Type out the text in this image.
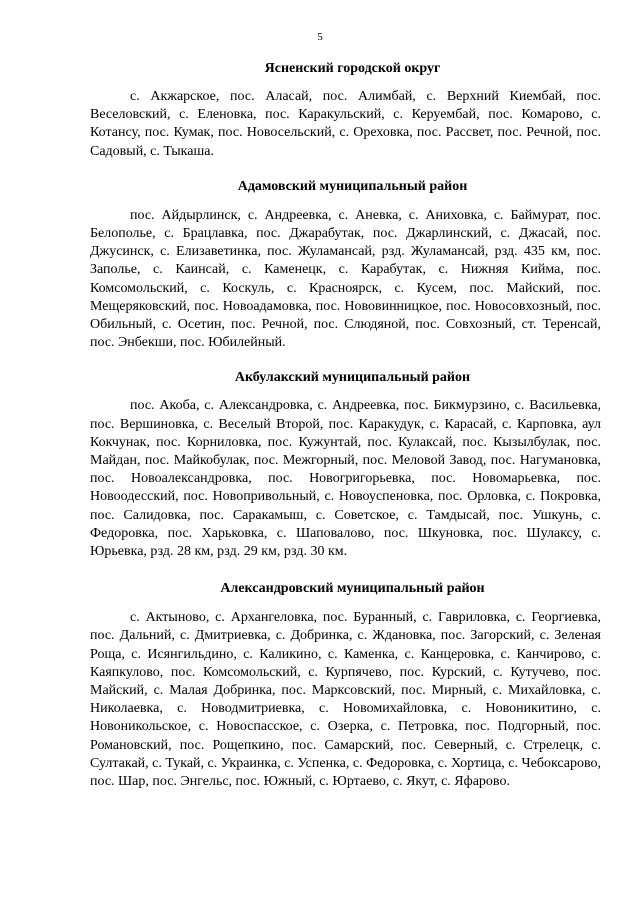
5
Ясненский городской округ

с. Акжарское, пос. Аласай, пос. Алимбай, с. Верхний Киембай, пос. Веселовский, с. Еленовка, пос. Каракульский, с. Керуембай, пос. Комарово, с. Котансу, пос. Кумак, пос. Новосельский, с. Ореховка, пос. Рассвет, пос. Речной, пос. Садовый, с. Тыкаша.

Адамовский муниципальный район

пос. Айдырлинск, с. Андреевка, с. Аневка, с. Аниховка, с. Баймурат, пос. Белополье, с. Брацлавка, пос. Джарабутак, пос. Джарлинский, с. Джасай, пос. Джусинск, с. Елизаветинка, пос. Жуламансай, рзд. Жуламансай, рзд. 435 км, пос. Заполье, с. Каинсай, с. Каменецк, с. Карабутак, с. Нижняя Кийма, пос. Комсомольский, с. Коскуль, с. Красноярск, с. Кусем, пос. Майский, пос. Мещеряковский, пос. Новоадамовка, пос. Нововинницкое, пос. Новосовхозный, пос. Обильный, с. Осетин, пос. Речной, пос. Слюдяной, пос. Совхозный, ст. Теренсай, пос. Энбекши, пос. Юбилейный.

Акбулакский муниципальный район

пос. Акоба, с. Александровка, с. Андреевка, пос. Бикмурзино, с. Васильевка, пос. Вершиновка, с. Веселый Второй, пос. Каракудук, с. Карасай, с. Карповка, аул Кокчунак, пос. Корниловка, пос. Кужунтай, пос. Кулаксай, пос. Кызылбулак, пос. Майдан, пос. Майкобулак, пос. Межгорный, пос. Меловой Завод, пос. Нагумановка, пос. Новоалександровка, пос. Новогригорьевка, пос. Новомарьевка, пос. Новоодесский, пос. Новопривольный, с. Новоуспеновка, пос. Орловка, с. Покровка, пос. Салидовка, пос. Саракамыш, с. Советское, с. Тамдысай, пос. Ушкунь, с. Федоровка, пос. Харьковка, с. Шаповалово, пос. Шкуновка, пос. Шулаксу, с. Юрьевка, рзд. 28 км, рзд. 29 км, рзд. 30 км.

Александровский муниципальный район

с. Актыново, с. Архангеловка, пос. Буранный, с. Гавриловка, с. Георгиевка, пос. Дальний, с. Дмитриевка, с. Добринка, с. Ждановка, пос. Загорский, с. Зеленая Роща, с. Исянгильдино, с. Каликино, с. Каменка, с. Канцеровка, с. Канчирово, с. Каяпкулово, пос. Комсомольский, с. Курпячево, пос. Курский, с. Кутучево, пос. Майский, с. Малая Добринка, пос. Марксовский, пос. Мирный, с. Михайловка, с. Николаевка, с. Новодмитриевка, с. Новомихайловка, с. Новоникитино, с. Новоникольское, с. Новоспасское, с. Озерка, с. Петровка, пос. Подгорный, пос. Романовский, пос. Рощепкино, пос. Самарский, пос. Северный, с. Стрелецк, с. Султакай, с. Тукай, с. Украинка, с. Успенка, с. Федоровка, с. Хортица, с. Чебоксарово, пос. Шар, пос. Энгельс, пос. Южный, с. Юртаево, с. Якут, с. Яфарово.
